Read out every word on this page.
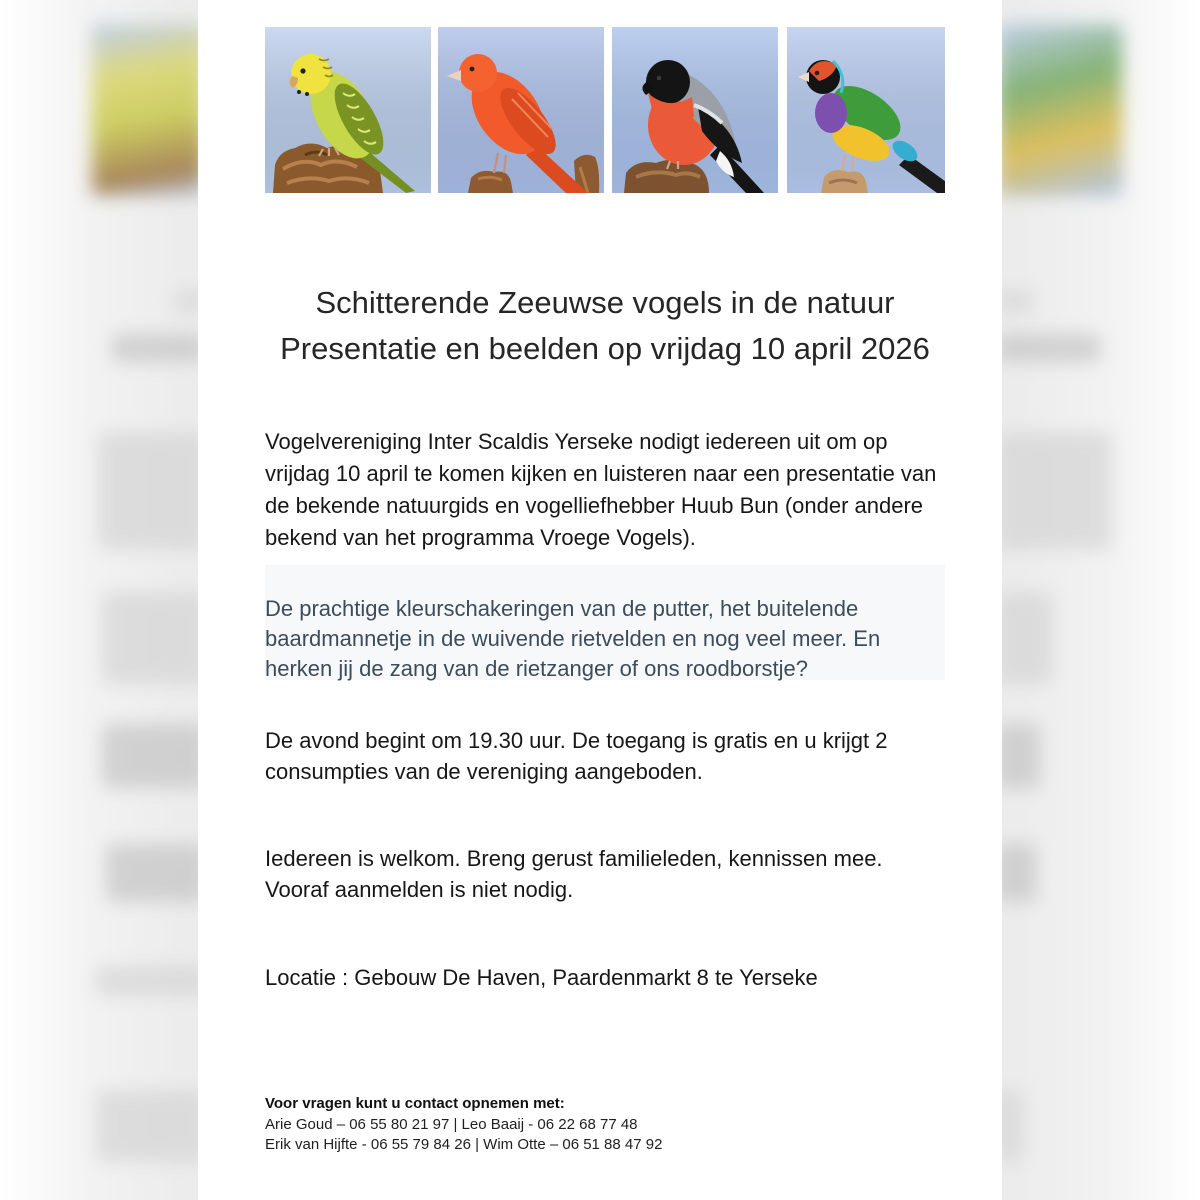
Schitterende Zeeuwse vogels in de natuur
Presentatie en beelden op vrijdag 10 april 2026
Vogelvereniging Inter Scaldis Yerseke nodigt iedereen uit om op
vrijdag 10 april te komen kijken en luisteren naar een presentatie van
de bekende natuurgids en vogelliefhebber Huub Bun (onder andere
bekend van het programma Vroege Vogels).
De prachtige kleurschakeringen van de putter, het buitelende
baardmannetje in de wuivende rietvelden en nog veel meer. En
herken jij de zang van de rietzanger of ons roodborstje?
De avond begint om 19.30 uur. De toegang is gratis en u krijgt 2
consumpties van de vereniging aangeboden.
Iedereen is welkom. Breng gerust familieleden, kennissen mee.
Vooraf aanmelden is niet nodig.
Locatie : Gebouw De Haven, Paardenmarkt 8 te Yerseke
Voor vragen kunt u contact opnemen met:
Arie Goud – 06 55 80 21 97 | Leo Baaij - 06 22 68 77 48
Erik van Hijfte - 06 55 79 84 26 | Wim Otte – 06 51 88 47 92
